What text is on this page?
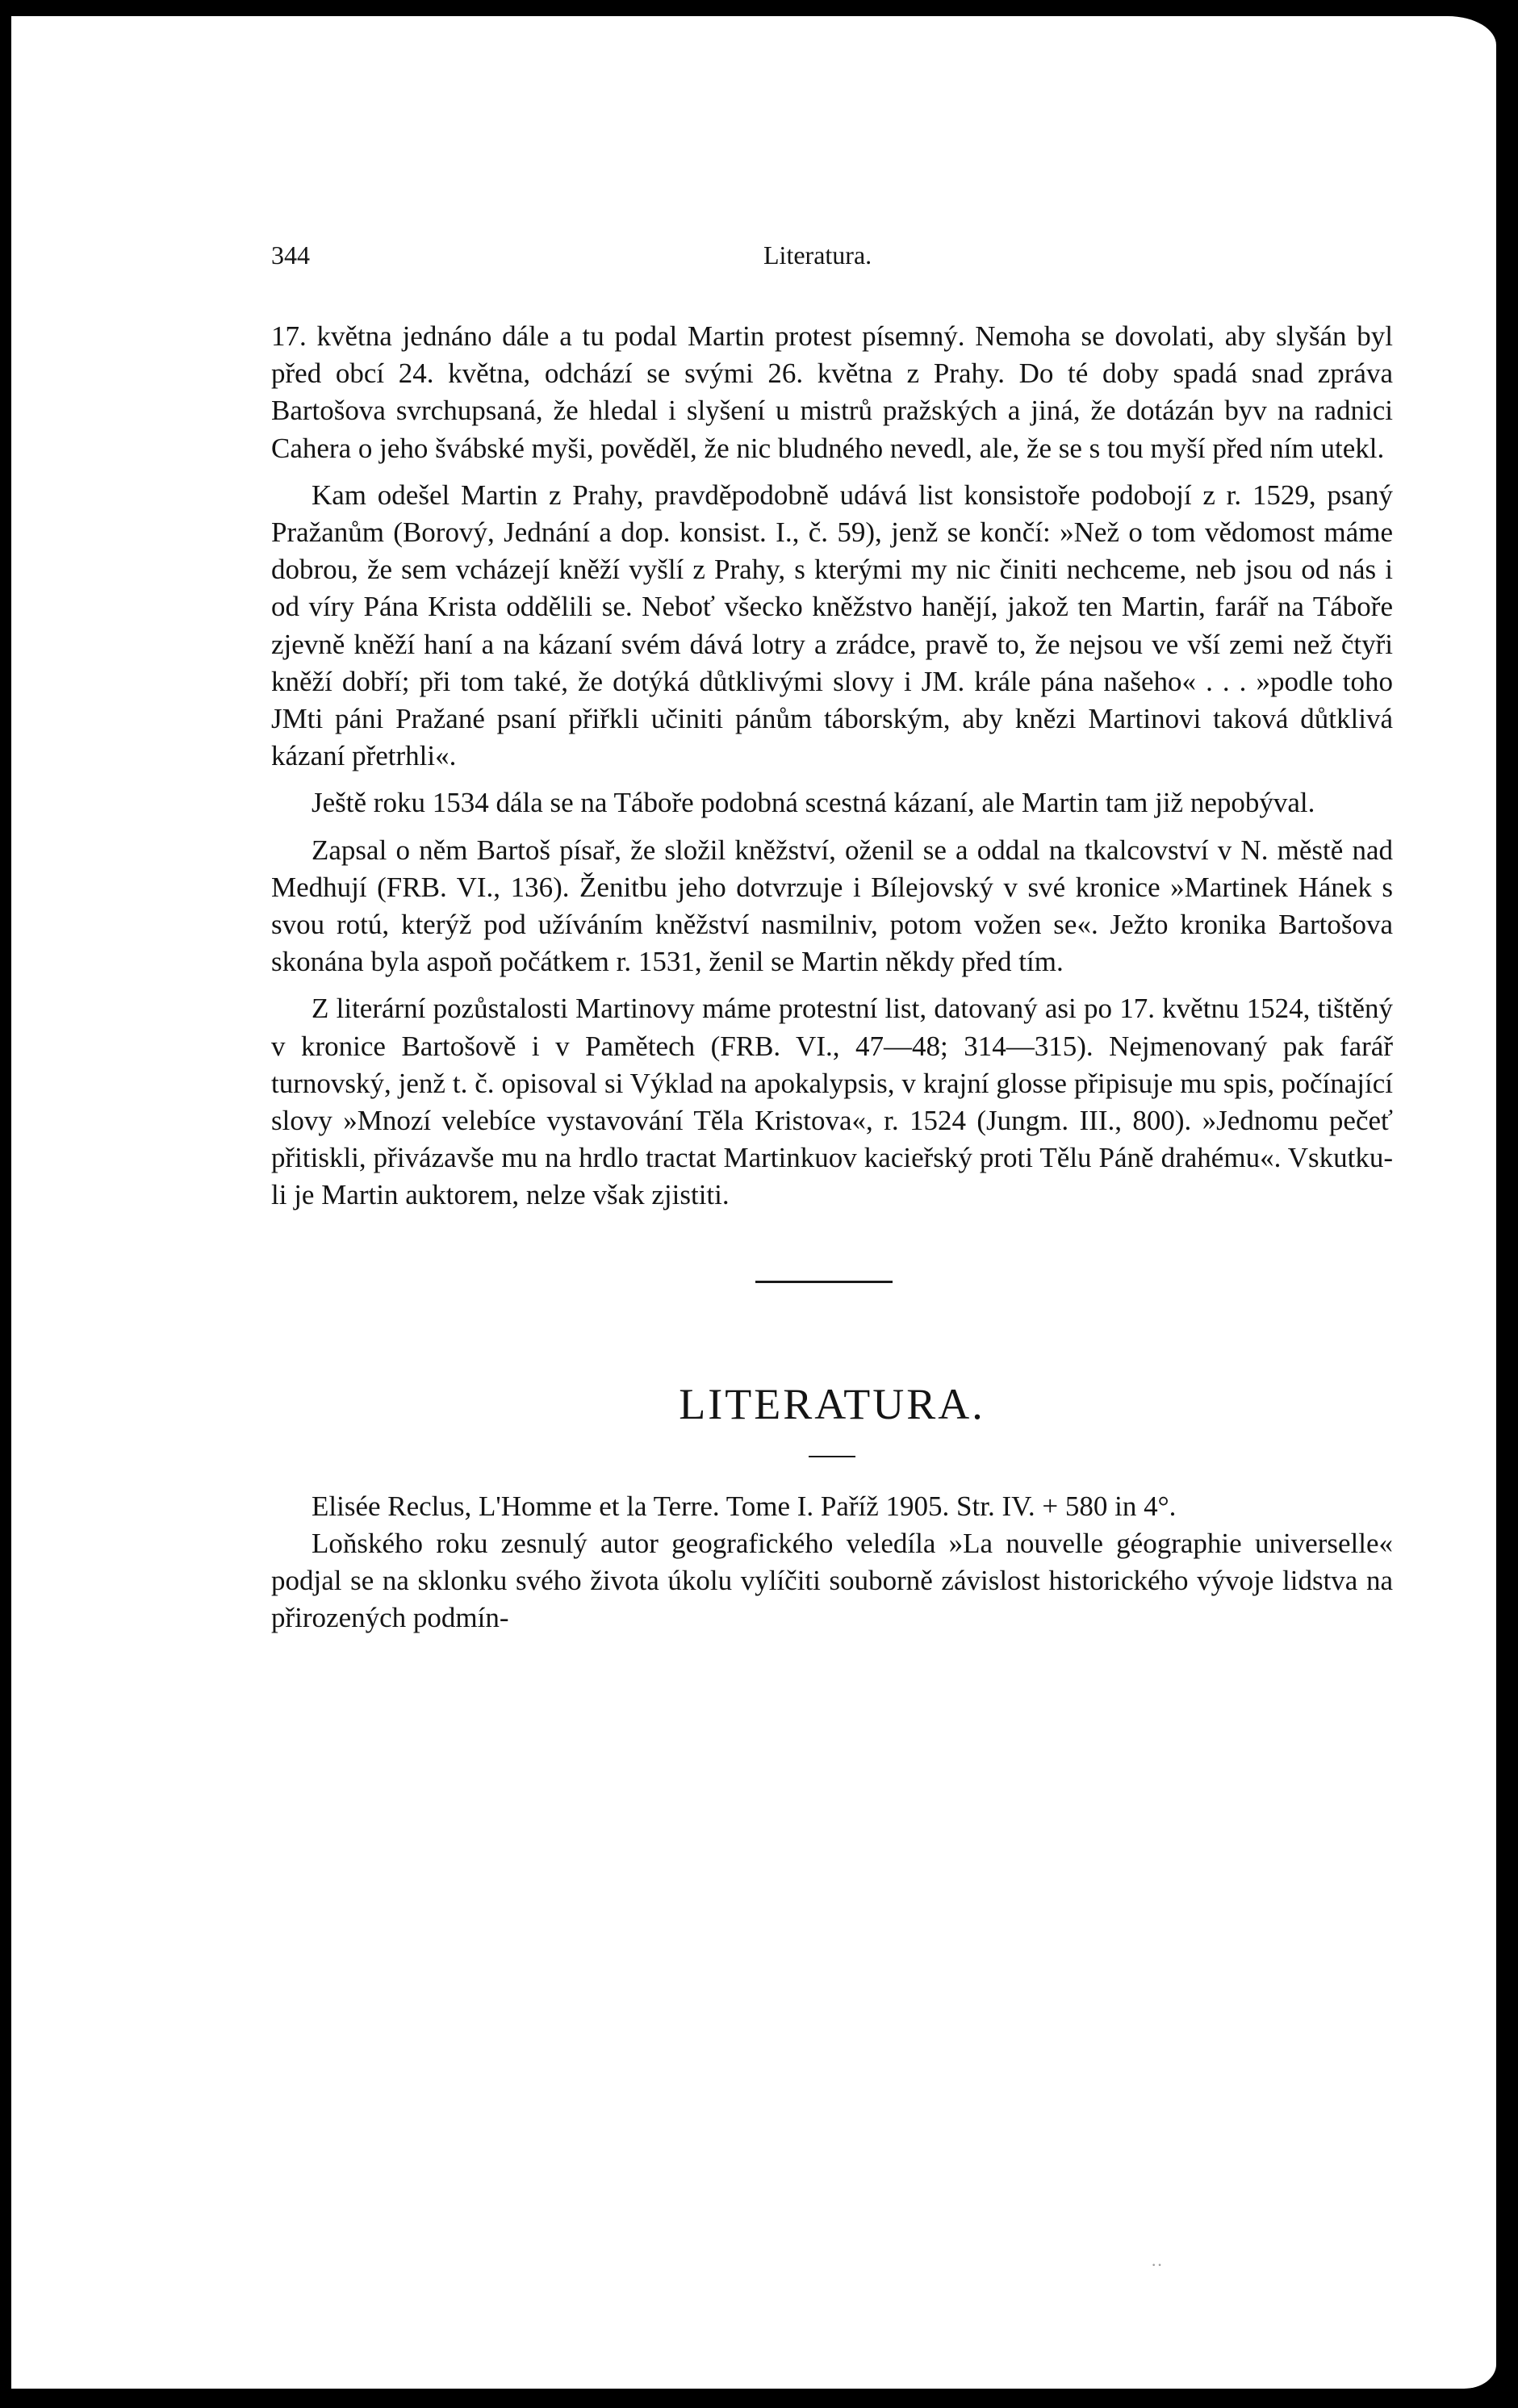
344	Literatura.

17. května jednáno dále a tu podal Martin protest písemný. Nemoha se dovolati, aby slyšán byl před obcí 24. května, odchází se svými 26. května z Prahy. Do té doby spadá snad zpráva Bartošova svrchupsaná, že hledal i slyšení u mistrů pražských a jiná, že dotázán byv na radnici Cahera o jeho švábské myši, pověděl, že nic bludného nevedl, ale, že se s tou myší před ním utekl.

Kam odešel Martin z Prahy, pravděpodobně udává list konsistoře podobojí z r. 1529, psaný Pražanům (Borový, Jednání a dop. konsist. I., č. 59), jenž se končí: »Než o tom vědomost máme dobrou, že sem vcházejí kněží vyšlí z Prahy, s kterými my nic činiti nechceme, neb jsou od nás i od víry Pána Krista oddělili se. Neboť všecko kněžstvo hanějí, jakož ten Martin, farář na Táboře zjevně kněží haní a na kázaní svém dává lotry a zrádce, pravě to, že nejsou ve vší zemi než čtyři kněží dobří; při tom také, že dotýká důtklivými slovy i JM. krále pána našeho« . . . »podle toho JMti páni Pražané psaní přiřkli učiniti pánům táborským, aby knězi Martinovi taková důtklivá kázaní přetrhli«.

Ještě roku 1534 dála se na Táboře podobná scestná kázaní, ale Martin tam již nepobýval.

Zapsal o něm Bartoš písař, že složil kněžství, oženil se a oddal na tkalcovství v N. městě nad Medhují (FRB. VI., 136). Ženitbu jeho dotvrzuje i Bílejovský v své kronice »Martinek Hánek s svou rotú, kterýž pod užíváním kněžství nasmilniv, potom vožen se«. Ježto kronika Bartošova skonána byla aspoň počátkem r. 1531, ženil se Martin někdy před tím.

Z literární pozůstalosti Martinovy máme protestní list, datovaný asi po 17. květnu 1524, tištěný v kronice Bartošově i v Pamětech (FRB. VI., 47—48; 314—315). Nejmenovaný pak farář turnovský, jenž t. č. opisoval si Výklad na apokalypsis, v krajní glosse připisuje mu spis, počínající slovy »Mnozí velebíce vystavování Těla Kristova«, r. 1524 (Jungm. III., 800). »Jednomu pečeť přitiskli, přivázavše mu na hrdlo tractat Martinkuov kacieřský proti Tělu Páně drahému«. Vskutku-li je Martin auktorem, nelze však zjistiti.

LITERATURA.

Elisée Reclus, L'Homme et la Terre. Tome I. Paříž 1905. Str. IV. + 580 in 4°.

Loňského roku zesnulý autor geografického veledíla »La nouvelle géographie universelle« podjal se na sklonku svého života úkolu vylíčiti souborně závislost historického vývoje lidstva na přirozených podmín-

··
